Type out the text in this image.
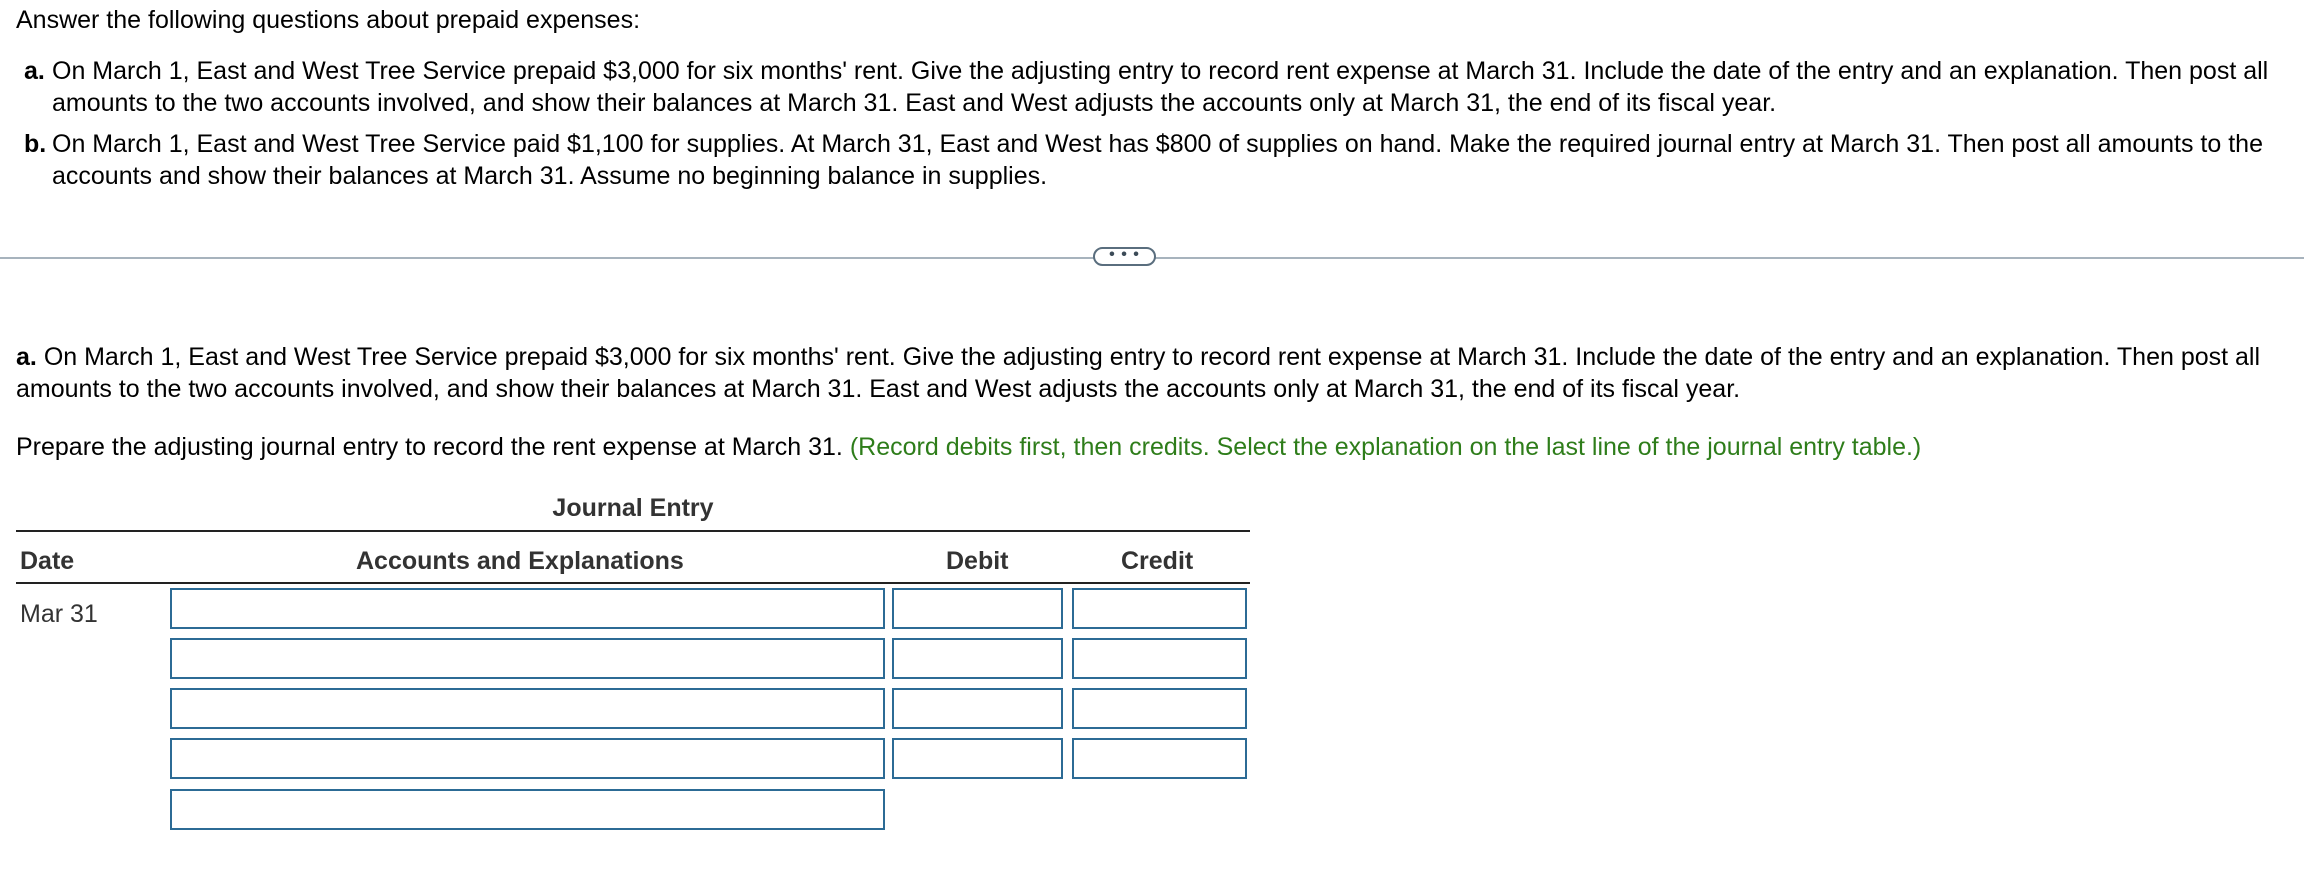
Answer the following questions about prepaid expenses:
a. On March 1, East and West Tree Service prepaid $3,000 for six months' rent. Give the adjusting entry to record rent expense at March 31. Include the date of the entry and an explanation. Then post all amounts to the two accounts involved, and show their balances at March 31. East and West adjusts the accounts only at March 31, the end of its fiscal year.
b. On March 1, East and West Tree Service paid $1,100 for supplies. At March 31, East and West has $800 of supplies on hand. Make the required journal entry at March 31. Then post all amounts to the accounts and show their balances at March 31. Assume no beginning balance in supplies.
• • •
a. On March 1, East and West Tree Service prepaid $3,000 for six months' rent. Give the adjusting entry to record rent expense at March 31. Include the date of the entry and an explanation. Then post all amounts to the two accounts involved, and show their balances at March 31. East and West adjusts the accounts only at March 31, the end of its fiscal year.
Prepare the adjusting journal entry to record the rent expense at March 31. (Record debits first, then credits. Select the explanation on the last line of the journal entry table.)
Journal Entry
Date	Accounts and Explanations	Debit	Credit
Mar 31
